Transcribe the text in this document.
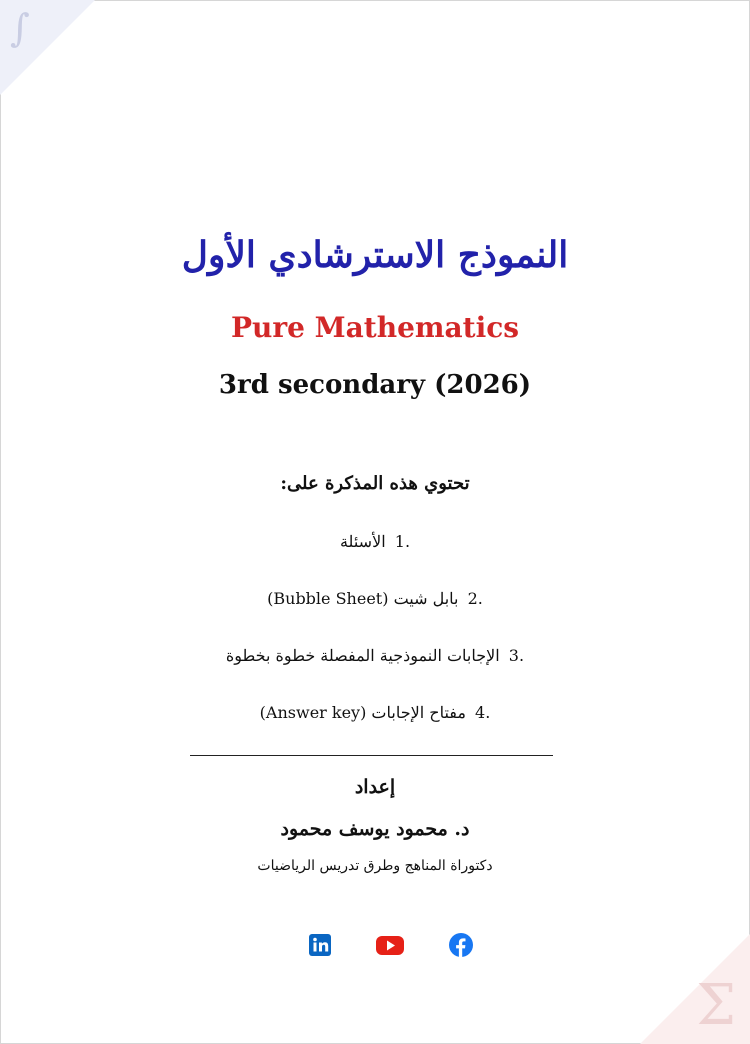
∫
Σ
النموذج الاسترشادي الأول
Pure Mathematics
3rd secondary (2026)
تحتوي هذه المذكرة على:
.1 الأسئلة
.2 بابل شيت (Bubble Sheet)
.3 الإجابات النموذجية المفصلة خطوة بخطوة
.4 مفتاح الإجابات (Answer key)
إعداد
د. محمود يوسف محمود
دكتوراة المناهج وطرق تدريس الرياضيات
